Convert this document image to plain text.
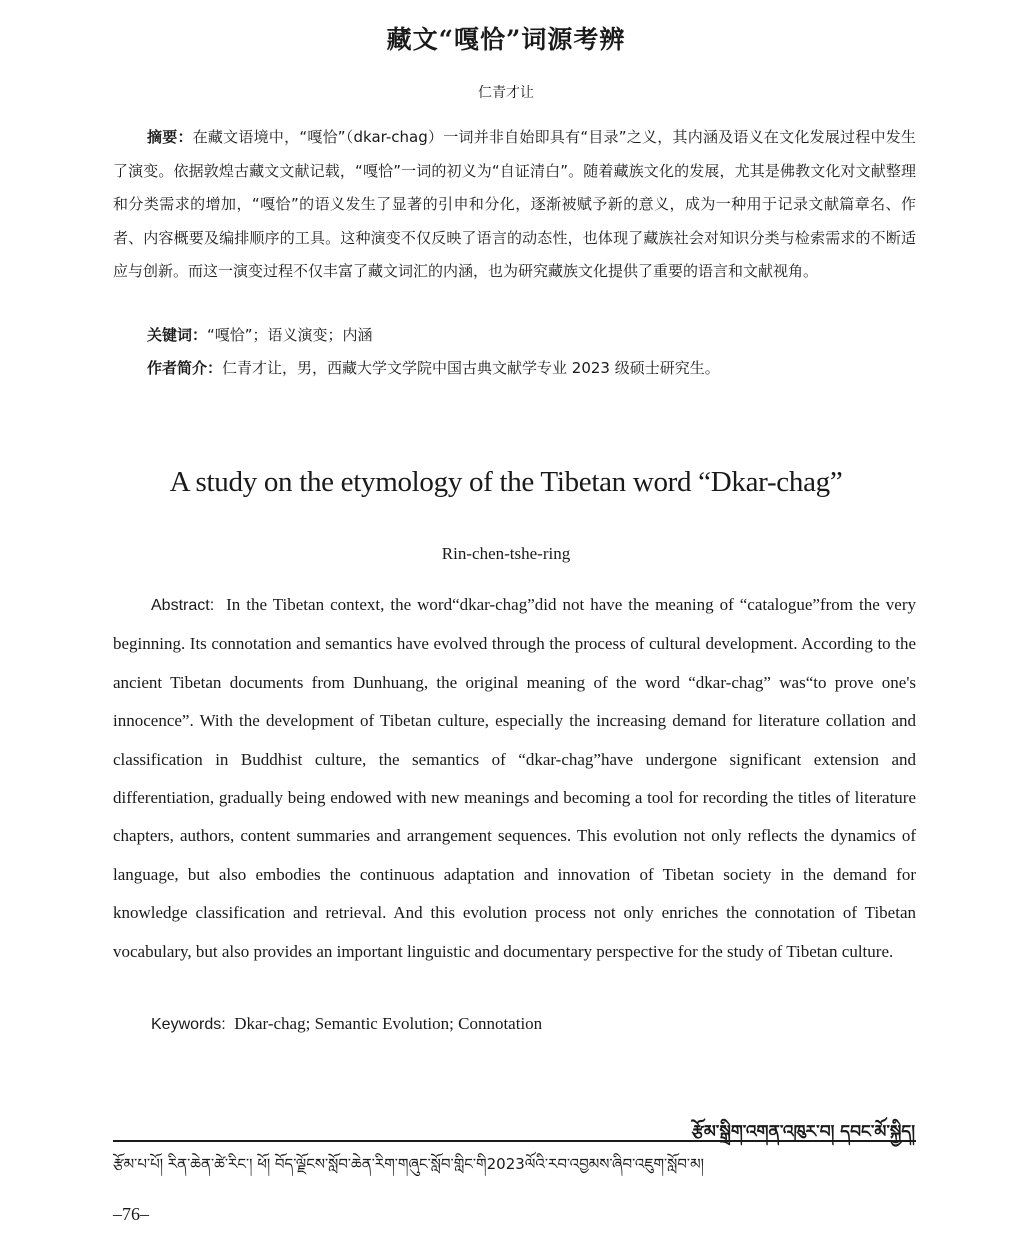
藏文“嘎恰”词源考辨
仁青才让

摘要：在藏文语境中，“嘎恰”（dkar-chag）一词并非自始即具有“目录”之义，其内涵及语义在文化发展过程中发生了演变。依据敦煌古藏文文献记载，“嘎恰”一词的初义为“自证清白”。随着藏族文化的发展，尤其是佛教文化对文献整理和分类需求的增加，“嘎恰”的语义发生了显著的引申和分化，逐渐被赋予新的意义，成为一种用于记录文献篇章名、作者、内容概要及编排顺序的工具。这种演变不仅反映了语言的动态性，也体现了藏族社会对知识分类与检索需求的不断适应与创新。而这一演变过程不仅丰富了藏文词汇的内涵，也为研究藏族文化提供了重要的语言和文献视角。

关键词：“嘎恰”；语义演变；内涵
作者简介：仁青才让，男，西藏大学文学院中国古典文献学专业 2023 级硕士研究生。
A study on the etymology of the Tibetan word “Dkar-chag”
Rin-chen-tshe-ring

Abstract: In the Tibetan context, the word“dkar-chag”did not have the meaning of “catalogue”from the very beginning. Its connotation and semantics have evolved through the process of cultural development. According to the ancient Tibetan documents from Dunhuang, the original meaning of the word “dkar-chag” was“to prove one's innocence”. With the development of Tibetan culture, especially the increasing demand for literature collation and classification in Buddhist culture, the semantics of “dkar-chag”have undergone significant extension and differentiation, gradually being endowed with new meanings and becoming a tool for recording the titles of literature chapters, authors, content summaries and arrangement sequences. This evolution not only reflects the dynamics of language, but also embodies the continuous adaptation and innovation of Tibetan society in the demand for knowledge classification and retrieval. And this evolution process not only enriches the connotation of Tibetan vocabulary, but also provides an important linguistic and documentary perspective for the study of Tibetan culture.

Keywords: Dkar-chag; Semantic Evolution; Connotation
རྩོམ་སྒྲིག་འགན་འཁུར་བ། དབང་མོ་སྐྱིད།
རྩོམ་པ་པོ། རིན་ཆེན་ཚེ་རིང་། ཕོ། བོད་ལྗོངས་སློབ་ཆེན་རིག་གཞུང་སློབ་གླིང་གི2023ལོའི་རབ་འབྱམས་ཞིབ་འཇུག་སློབ་མ།
–76–
